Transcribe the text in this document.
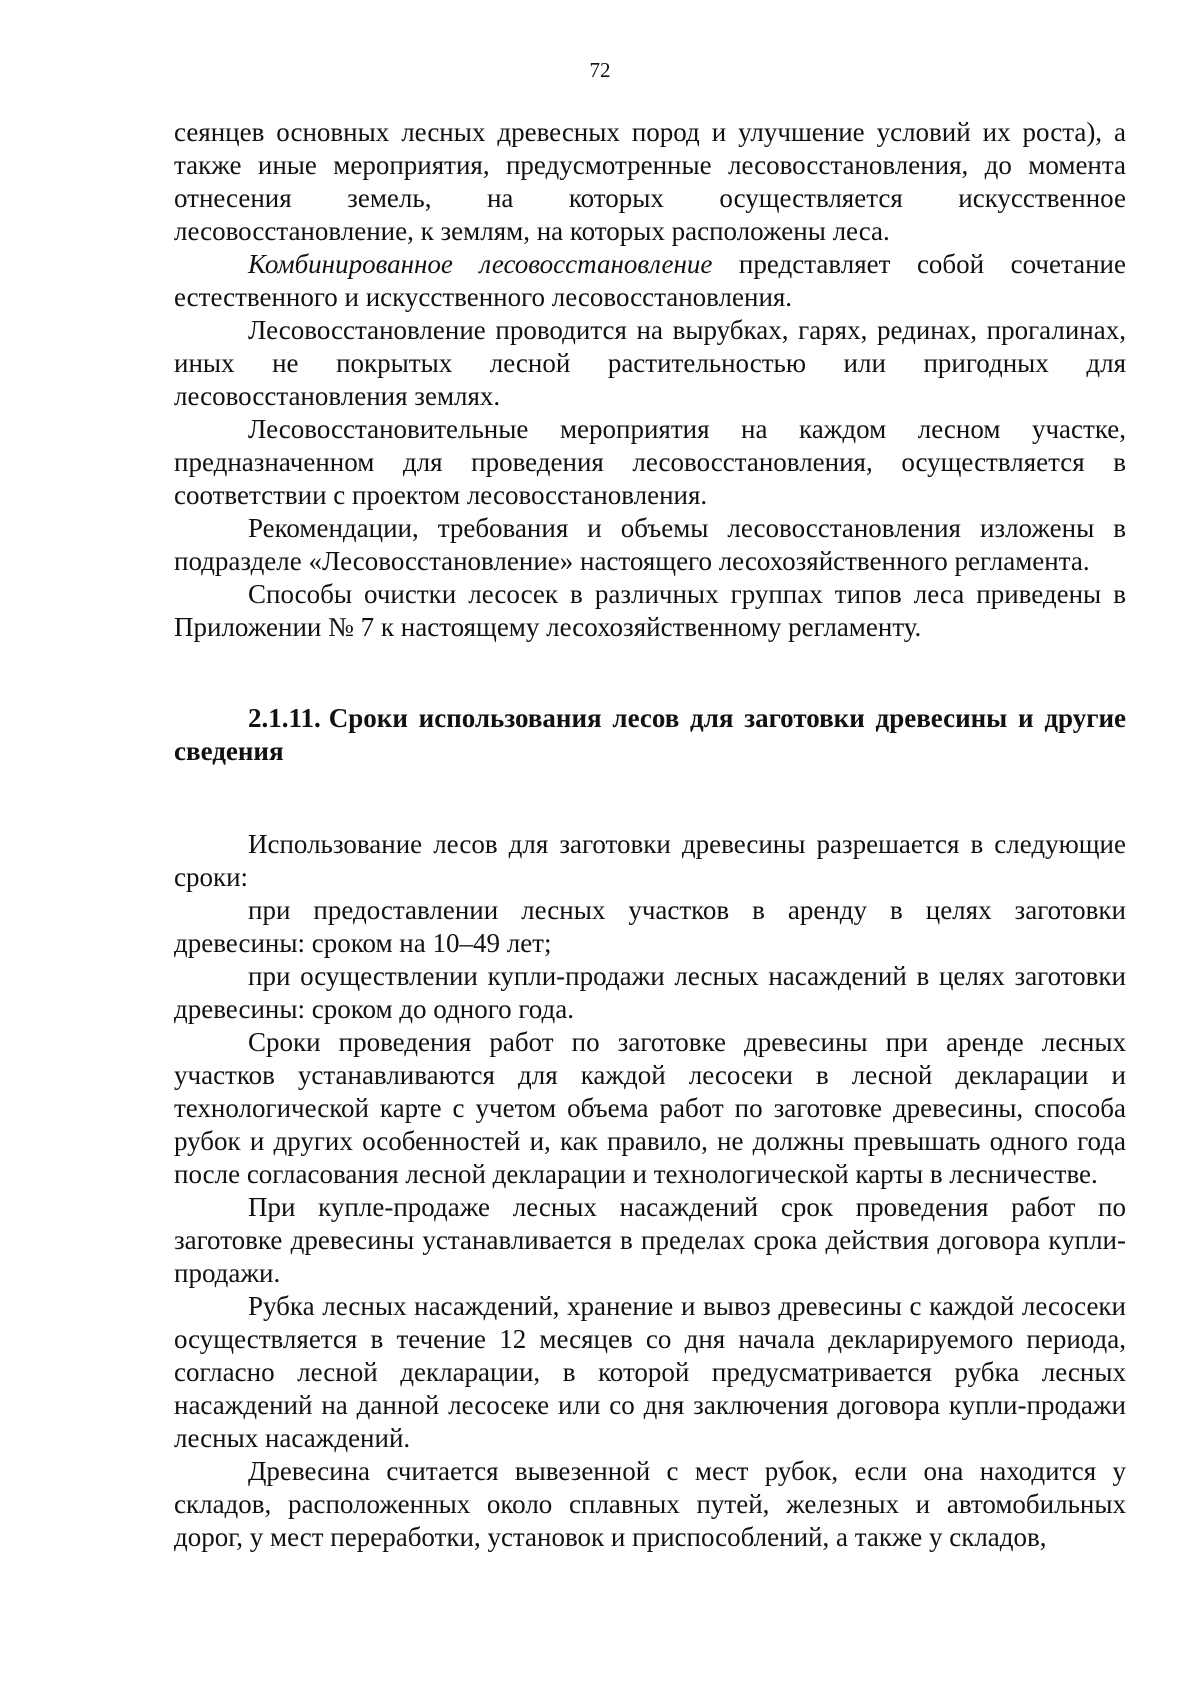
72

сеянцев основных лесных древесных пород и улучшение условий их роста), а также иные мероприятия, предусмотренные лесовосстановления, до момента отнесения земель, на которых осуществляется искусственное лесовосстановление, к землям, на которых расположены леса.

Комбинированное лесовосстановление представляет собой сочетание естественного и искусственного лесовосстановления.

Лесовосстановление проводится на вырубках, гарях, рединах, прогалинах, иных не покрытых лесной растительностью или пригодных для лесовосстановления землях.

Лесовосстановительные мероприятия на каждом лесном участке, предназначенном для проведения лесовосстановления, осуществляется в соответствии с проектом лесовосстановления.

Рекомендации, требования и объемы лесовосстановления изложены в подразделе «Лесовосстановление» настоящего лесохозяйственного регламента.

Способы очистки лесосек в различных группах типов леса приведены в Приложении № 7 к настоящему лесохозяйственному регламенту.

2.1.11. Сроки использования лесов для заготовки древесины и другие сведения

Использование лесов для заготовки древесины разрешается в следующие сроки:

при предоставлении лесных участков в аренду в целях заготовки древесины: сроком на 10–49 лет;

при осуществлении купли-продажи лесных насаждений в целях заготовки древесины: сроком до одного года.

Сроки проведения работ по заготовке древесины при аренде лесных участков устанавливаются для каждой лесосеки в лесной декларации и технологической карте с учетом объема работ по заготовке древесины, способа рубок и других особенностей и, как правило, не должны превышать одного года после согласования лесной декларации и технологической карты в лесничестве.

При купле-продаже лесных насаждений срок проведения работ по заготовке древесины устанавливается в пределах срока действия договора купли-продажи.

Рубка лесных насаждений, хранение и вывоз древесины с каждой лесосеки осуществляется в течение 12 месяцев со дня начала декларируемого периода, согласно лесной декларации, в которой предусматривается рубка лесных насаждений на данной лесосеке или со дня заключения договора купли-продажи лесных насаждений.

Древесина считается вывезенной с мест рубок, если она находится у складов, расположенных около сплавных путей, железных и автомобильных дорог, у мест переработки, установок и приспособлений, а также у складов,
